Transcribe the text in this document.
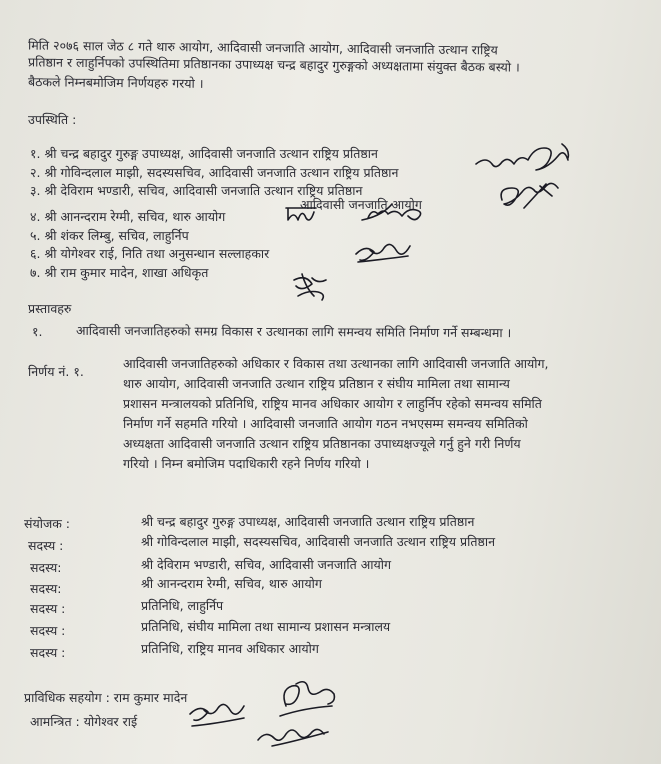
मिति २०७६ साल जेठ ८ गते थारु आयोग, आदिवासी जनजाति आयोग, आदिवासी जनजाति उत्थान राष्ट्रिय
प्रतिष्ठान र लाहुर्निपको उपस्थितिमा प्रतिष्ठानका उपाध्यक्ष चन्द्र बहादुर गुरुङ्गको अध्यक्षतामा संयुक्त बैठक बस्यो ।
बैठकले निम्नबमोजिम निर्णयहरु गरयो ।
उपस्थिति :
१. श्री चन्द्र बहादुर गुरुङ्ग उपाध्यक्ष, आदिवासी जनजाति उत्थान राष्ट्रिय प्रतिष्ठान
२. श्री गोविन्दलाल माझी, सदस्यसचिव, आदिवासी जनजाति उत्थान राष्ट्रिय प्रतिष्ठान
३. श्री देविराम भण्डारी, सचिव, आदिवासी जनजाति उत्थान राष्ट्रिय प्रतिष्ठान
आदिवासी जनजाति आयोग
४. श्री आनन्दराम रेग्मी, सचिव, थारु आयोग
५. श्री शंकर लिम्बु, सचिव, लाहुर्निप
६. श्री योगेश्वर राई, निति तथा अनुसन्धान सल्लाहकार
७. श्री राम कुमार मादेन, शाखा अधिकृत
प्रस्तावहरु
१.	आदिवासी जनजातिहरुको समग्र विकास र उत्थानका लागि समन्वय समिति निर्माण गर्ने सम्बन्धमा ।
निर्णय नं. १.
आदिवासी जनजातिहरुको अधिकार र विकास तथा उत्थानका लागि आदिवासी जनजाति आयोग,
थारु आयोग, आदिवासी जनजाति उत्थान राष्ट्रिय प्रतिष्ठान र संघीय मामिला तथा सामान्य
प्रशासन मन्त्रालयको प्रतिनिधि, राष्ट्रिय मानव अधिकार आयोग र लाहुर्निप रहेको समन्वय समिति
निर्माण गर्ने सहमति गरियो । आदिवासी जनजाति आयोग गठन नभएसम्म समन्वय समितिको
अध्यक्षता आदिवासी जनजाति उत्थान राष्ट्रिय प्रतिष्ठानका उपाध्यक्षज्यूले गर्नु हुने गरी निर्णय
गरियो । निम्न बमोजिम पदाधिकारी रहने निर्णय गरियो ।
संयोजक :	श्री चन्द्र बहादुर गुरुङ्ग उपाध्यक्ष, आदिवासी जनजाति उत्थान राष्ट्रिय प्रतिष्ठान
सदस्य :	श्री गोविन्दलाल माझी, सदस्यसचिव, आदिवासी जनजाति उत्थान राष्ट्रिय प्रतिष्ठान
सदस्य:	श्री देविराम भण्डारी, सचिव, आदिवासी जनजाति आयोग
सदस्य:	श्री आनन्दराम रेग्मी, सचिव, थारु आयोग
सदस्य :	प्रतिनिधि, लाहुर्निप
सदस्य :	प्रतिनिधि, संघीय मामिला तथा सामान्य प्रशासन मन्त्रालय
सदस्य :	प्रतिनिधि, राष्ट्रिय मानव अधिकार आयोग
प्राविधिक सहयोग : राम कुमार मादेन
आमन्त्रित : योगेश्वर राई
